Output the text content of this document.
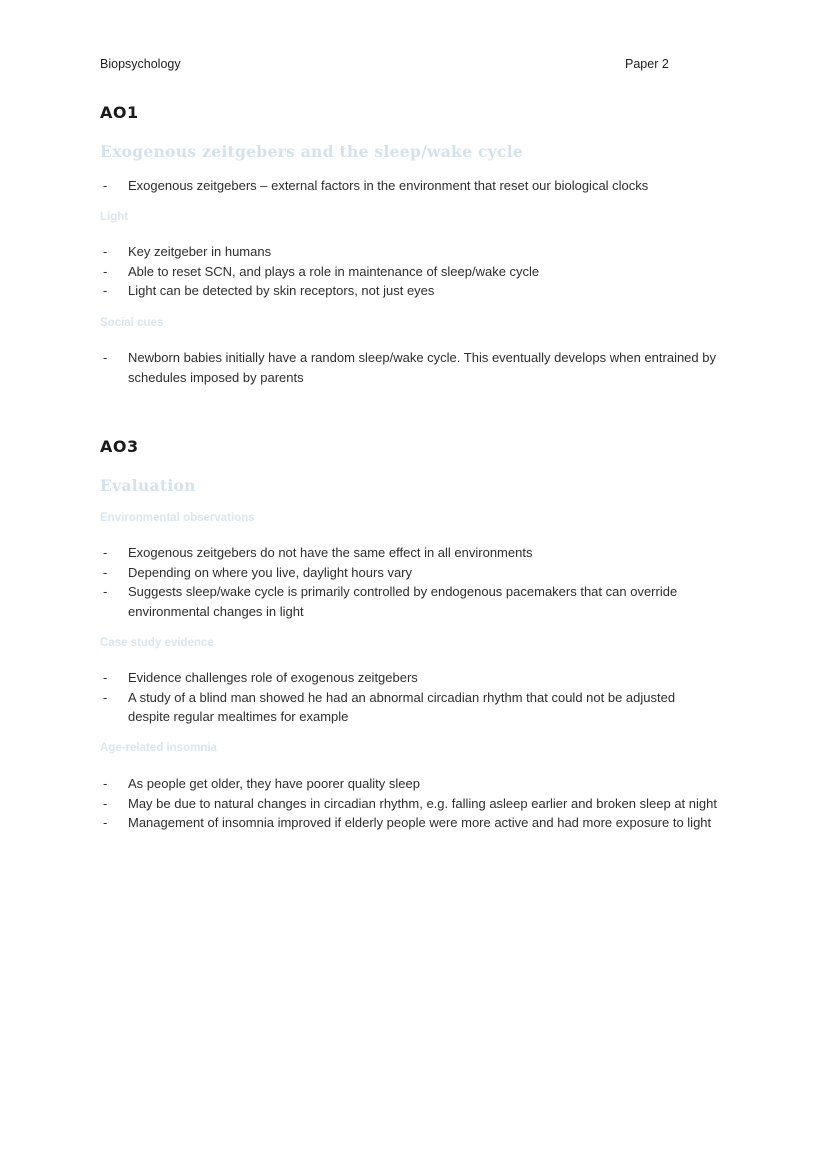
Biopsychology	Paper 2
AO1
Exogenous zeitgebers and the sleep/wake cycle
- Exogenous zeitgebers – external factors in the environment that reset our biological clocks
Light
- Key zeitgeber in humans
- Able to reset SCN, and plays a role in maintenance of sleep/wake cycle
- Light can be detected by skin receptors, not just eyes
Social cues
- Newborn babies initially have a random sleep/wake cycle. This eventually develops when entrained by schedules imposed by parents
AO3
Evaluation
Environmental observations
- Exogenous zeitgebers do not have the same effect in all environments
- Depending on where you live, daylight hours vary
- Suggests sleep/wake cycle is primarily controlled by endogenous pacemakers that can override environmental changes in light
Case study evidence
- Evidence challenges role of exogenous zeitgebers
- A study of a blind man showed he had an abnormal circadian rhythm that could not be adjusted despite regular mealtimes for example
Age-related insomnia
- As people get older, they have poorer quality sleep
- May be due to natural changes in circadian rhythm, e.g. falling asleep earlier and broken sleep at night
- Management of insomnia improved if elderly people were more active and had more exposure to light
